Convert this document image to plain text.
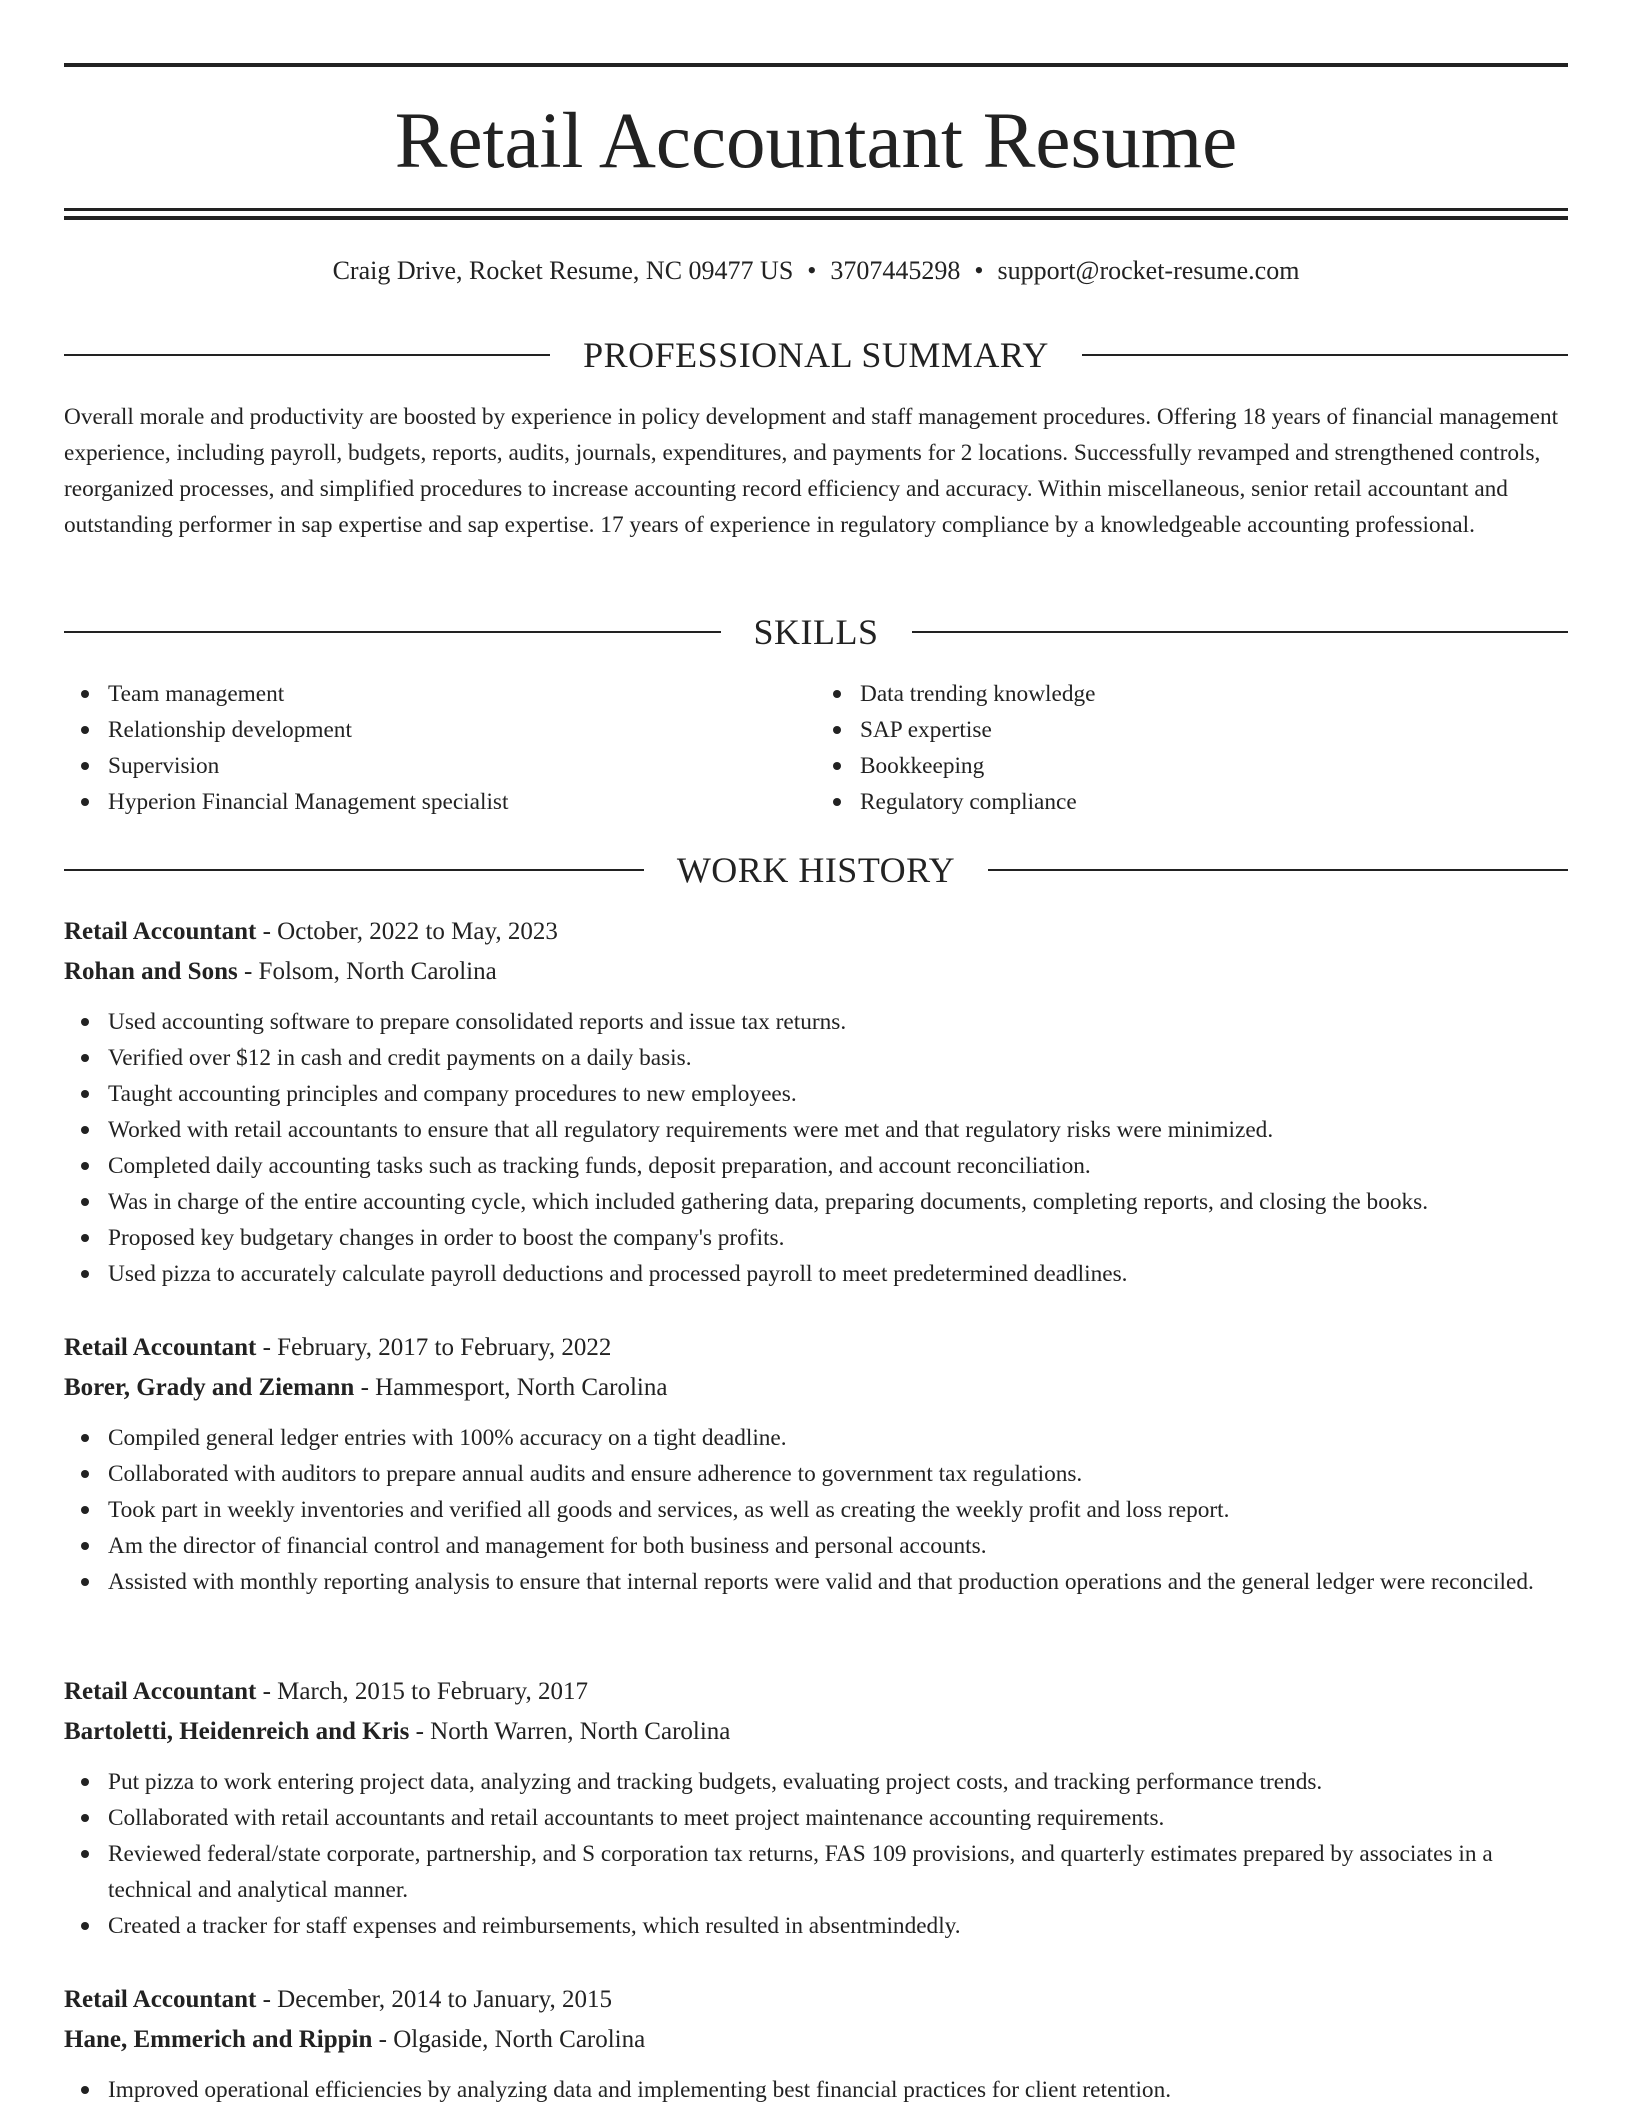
Retail Accountant Resume
Craig Drive, Rocket Resume, NC 09477 US • 3707445298 • support@rocket-resume.com
PROFESSIONAL SUMMARY

Overall morale and productivity are boosted by experience in policy development and staff management procedures. Offering 18 years of financial management experience, including payroll, budgets, reports, audits, journals, expenditures, and payments for 2 locations. Successfully revamped and strengthened controls, reorganized processes, and simplified procedures to increase accounting record efficiency and accuracy. Within miscellaneous, senior retail accountant and outstanding performer in sap expertise and sap expertise. 17 years of experience in regulatory compliance by a knowledgeable accounting professional.

SKILLS
Team management
Relationship development
Supervision
Hyperion Financial Management specialist
Data trending knowledge
SAP expertise
Bookkeeping
Regulatory compliance
WORK HISTORY
Retail Accountant - October, 2022 to May, 2023
Rohan and Sons - Folsom, North Carolina
Used accounting software to prepare consolidated reports and issue tax returns.
Verified over $12 in cash and credit payments on a daily basis.
Taught accounting principles and company procedures to new employees.
Worked with retail accountants to ensure that all regulatory requirements were met and that regulatory risks were minimized.
Completed daily accounting tasks such as tracking funds, deposit preparation, and account reconciliation.
Was in charge of the entire accounting cycle, which included gathering data, preparing documents, completing reports, and closing the books.
Proposed key budgetary changes in order to boost the company's profits.
Used pizza to accurately calculate payroll deductions and processed payroll to meet predetermined deadlines.
Retail Accountant - February, 2017 to February, 2022
Borer, Grady and Ziemann - Hammesport, North Carolina
Compiled general ledger entries with 100% accuracy on a tight deadline.
Collaborated with auditors to prepare annual audits and ensure adherence to government tax regulations.
Took part in weekly inventories and verified all goods and services, as well as creating the weekly profit and loss report.
Am the director of financial control and management for both business and personal accounts.
Assisted with monthly reporting analysis to ensure that internal reports were valid and that production operations and the general ledger were reconciled.
Retail Accountant - March, 2015 to February, 2017
Bartoletti, Heidenreich and Kris - North Warren, North Carolina
Put pizza to work entering project data, analyzing and tracking budgets, evaluating project costs, and tracking performance trends.
Collaborated with retail accountants and retail accountants to meet project maintenance accounting requirements.
Reviewed federal/state corporate, partnership, and S corporation tax returns, FAS 109 provisions, and quarterly estimates prepared by associates in a technical and analytical manner.
Created a tracker for staff expenses and reimbursements, which resulted in absentmindedly.
Retail Accountant - December, 2014 to January, 2015
Hane, Emmerich and Rippin - Olgaside, North Carolina
Improved operational efficiencies by analyzing data and implementing best financial practices for client retention.
